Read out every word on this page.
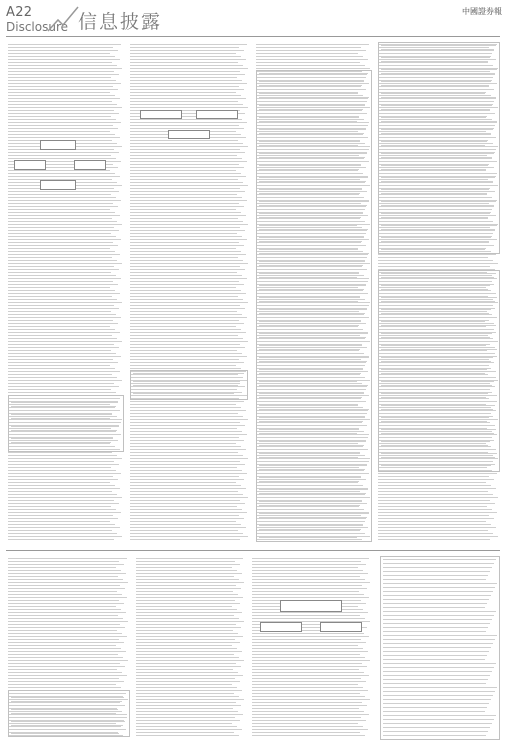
A22
Disclosure 信息披露	中國證券報
